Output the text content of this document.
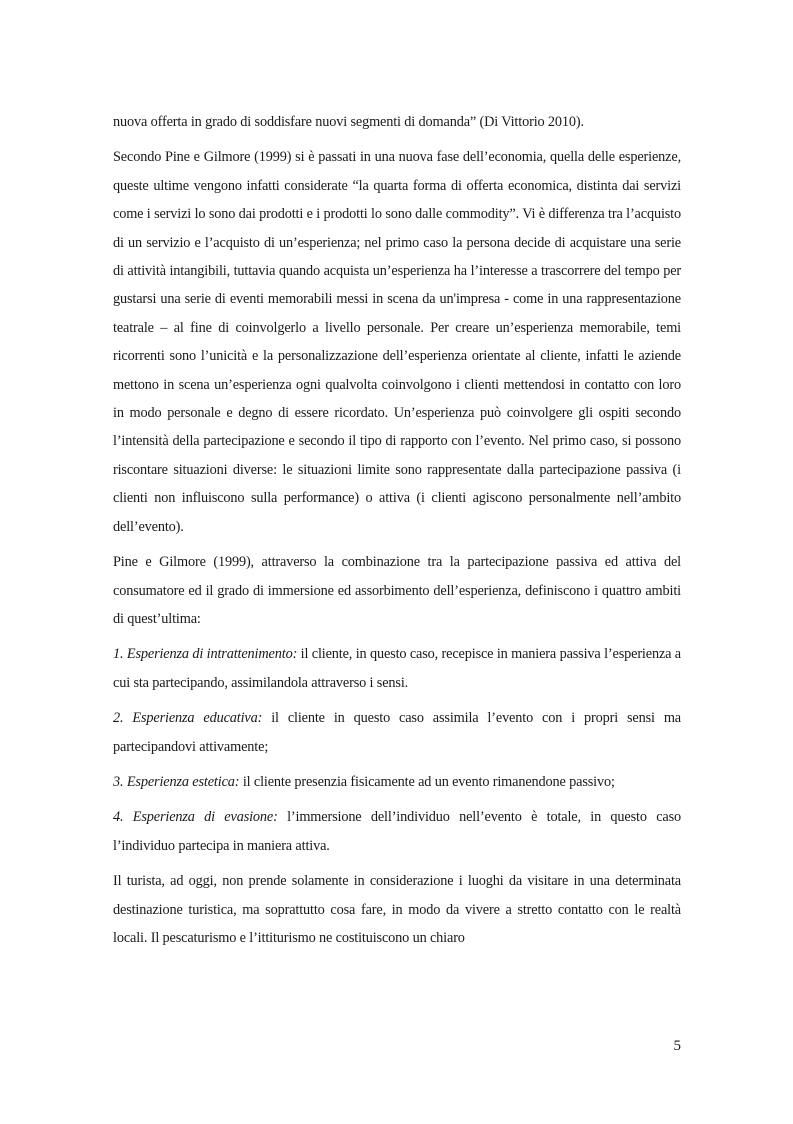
nuova offerta in grado di soddisfare nuovi segmenti di domanda” (Di Vittorio 2010).

Secondo Pine e Gilmore (1999) si è passati in una nuova fase dell’economia, quella delle esperienze, queste ultime vengono infatti considerate “la quarta forma di offerta economica, distinta dai servizi come i servizi lo sono dai prodotti e i prodotti lo sono dalle commodity”. Vi è differenza tra l’acquisto di un servizio e l’acquisto di un’esperienza; nel primo caso la persona decide di acquistare una serie di attività intangibili, tuttavia quando acquista un’esperienza ha l’interesse a trascorrere del tempo per gustarsi una serie di eventi memorabili messi in scena da un'impresa - come in una rappresentazione teatrale – al fine di coinvolgerlo a livello personale. Per creare un’esperienza memorabile, temi ricorrenti sono l’unicità e la personalizzazione dell’esperienza orientate al cliente, infatti le aziende mettono in scena un’esperienza ogni qualvolta coinvolgono i clienti mettendosi in contatto con loro in modo personale e degno di essere ricordato. Un’esperienza può coinvolgere gli ospiti secondo l’intensità della partecipazione e secondo il tipo di rapporto con l’evento. Nel primo caso, si possono riscontare situazioni diverse: le situazioni limite sono rappresentate dalla partecipazione passiva (i clienti non influiscono sulla performance) o attiva (i clienti agiscono personalmente nell’ambito dell’evento).

Pine e Gilmore (1999), attraverso la combinazione tra la partecipazione passiva ed attiva del consumatore ed il grado di immersione ed assorbimento dell’esperienza, definiscono i quattro ambiti di quest’ultima:

1. Esperienza di intrattenimento: il cliente, in questo caso, recepisce in maniera passiva l’esperienza a cui sta partecipando, assimilandola attraverso i sensi.

2. Esperienza educativa: il cliente in questo caso assimila l’evento con i propri sensi ma partecipandovi attivamente;

3. Esperienza estetica: il cliente presenzia fisicamente ad un evento rimanendone passivo;

4. Esperienza di evasione: l’immersione dell’individuo nell’evento è totale, in questo caso l’individuo partecipa in maniera attiva.

Il turista, ad oggi, non prende solamente in considerazione i luoghi da visitare in una determinata destinazione turistica, ma soprattutto cosa fare, in modo da vivere a stretto contatto con le realtà locali. Il pescaturismo e l’ittiturismo ne costituiscono un chiaro

5
